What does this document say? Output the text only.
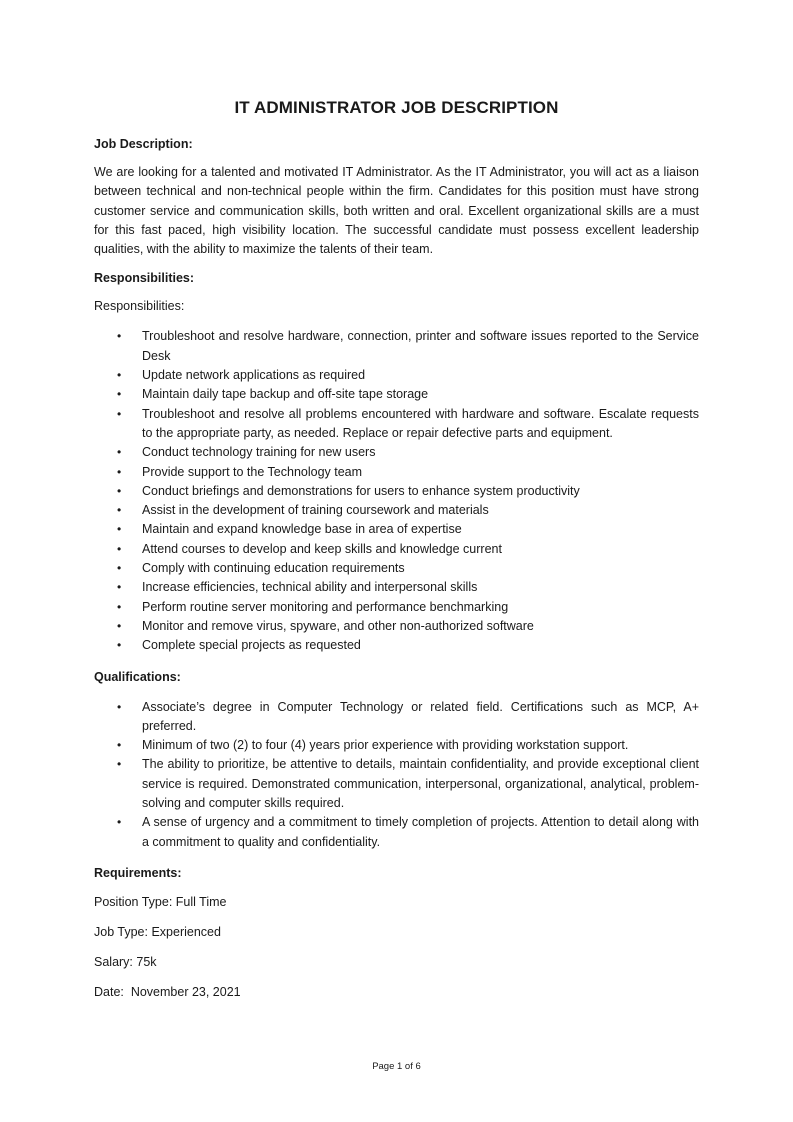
IT ADMINISTRATOR JOB DESCRIPTION
Job Description:

We are looking for a talented and motivated IT Administrator. As the IT Administrator, you will act as a liaison between technical and non-technical people within the firm. Candidates for this position must have strong customer service and communication skills, both written and oral. Excellent organizational skills are a must for this fast paced, high visibility location. The successful candidate must possess excellent leadership qualities, with the ability to maximize the talents of their team.

Responsibilities:

Responsibilities:

• Troubleshoot and resolve hardware, connection, printer and software issues reported to the Service Desk
• Update network applications as required
• Maintain daily tape backup and off-site tape storage
• Troubleshoot and resolve all problems encountered with hardware and software. Escalate requests to the appropriate party, as needed. Replace or repair defective parts and equipment.
• Conduct technology training for new users
• Provide support to the Technology team
• Conduct briefings and demonstrations for users to enhance system productivity
• Assist in the development of training coursework and materials
• Maintain and expand knowledge base in area of expertise
• Attend courses to develop and keep skills and knowledge current
• Comply with continuing education requirements
• Increase efficiencies, technical ability and interpersonal skills
• Perform routine server monitoring and performance benchmarking
• Monitor and remove virus, spyware, and other non-authorized software
• Complete special projects as requested
Qualifications:
• Associate’s degree in Computer Technology or related field. Certifications such as MCP, A+ preferred.
• Minimum of two (2) to four (4) years prior experience with providing workstation support.
• The ability to prioritize, be attentive to details, maintain confidentiality, and provide exceptional client service is required. Demonstrated communication, interpersonal, organizational, analytical, problem-solving and computer skills required.
• A sense of urgency and a commitment to timely completion of projects. Attention to detail along with a commitment to quality and confidentiality.
Requirements:

Position Type: Full Time

Job Type: Experienced

Salary: 75k

Date:  November 23, 2021

Page 1 of 6
